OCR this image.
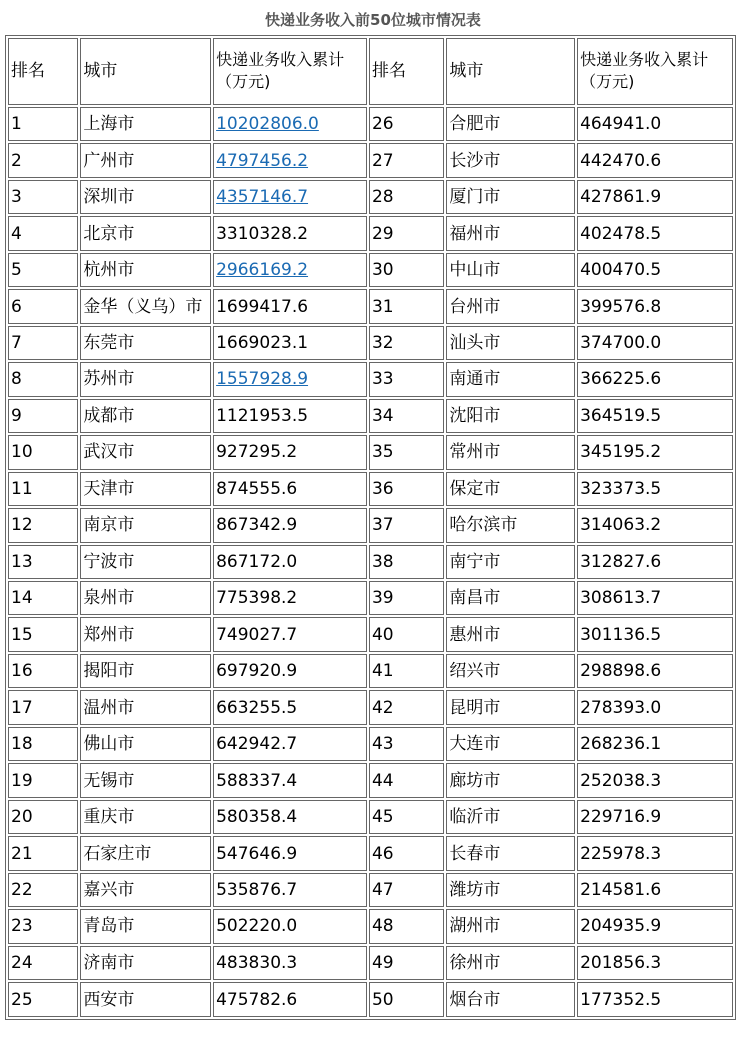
快递业务收入前50位城市情况表
排名	城市	快递业务收入累计（万元)	排名	城市	快递业务收入累计（万元)
1	上海市	10202806.0	26	合肥市	464941.0
2	广州市	4797456.2	27	长沙市	442470.6
3	深圳市	4357146.7	28	厦门市	427861.9
4	北京市	3310328.2	29	福州市	402478.5
5	杭州市	2966169.2	30	中山市	400470.5
6	金华（义乌）市	1699417.6	31	台州市	399576.8
7	东莞市	1669023.1	32	汕头市	374700.0
8	苏州市	1557928.9	33	南通市	366225.6
9	成都市	1121953.5	34	沈阳市	364519.5
10	武汉市	927295.2	35	常州市	345195.2
11	天津市	874555.6	36	保定市	323373.5
12	南京市	867342.9	37	哈尔滨市	314063.2
13	宁波市	867172.0	38	南宁市	312827.6
14	泉州市	775398.2	39	南昌市	308613.7
15	郑州市	749027.7	40	惠州市	301136.5
16	揭阳市	697920.9	41	绍兴市	298898.6
17	温州市	663255.5	42	昆明市	278393.0
18	佛山市	642942.7	43	大连市	268236.1
19	无锡市	588337.4	44	廊坊市	252038.3
20	重庆市	580358.4	45	临沂市	229716.9
21	石家庄市	547646.9	46	长春市	225978.3
22	嘉兴市	535876.7	47	潍坊市	214581.6
23	青岛市	502220.0	48	湖州市	204935.9
24	济南市	483830.3	49	徐州市	201856.3
25	西安市	475782.6	50	烟台市	177352.5
